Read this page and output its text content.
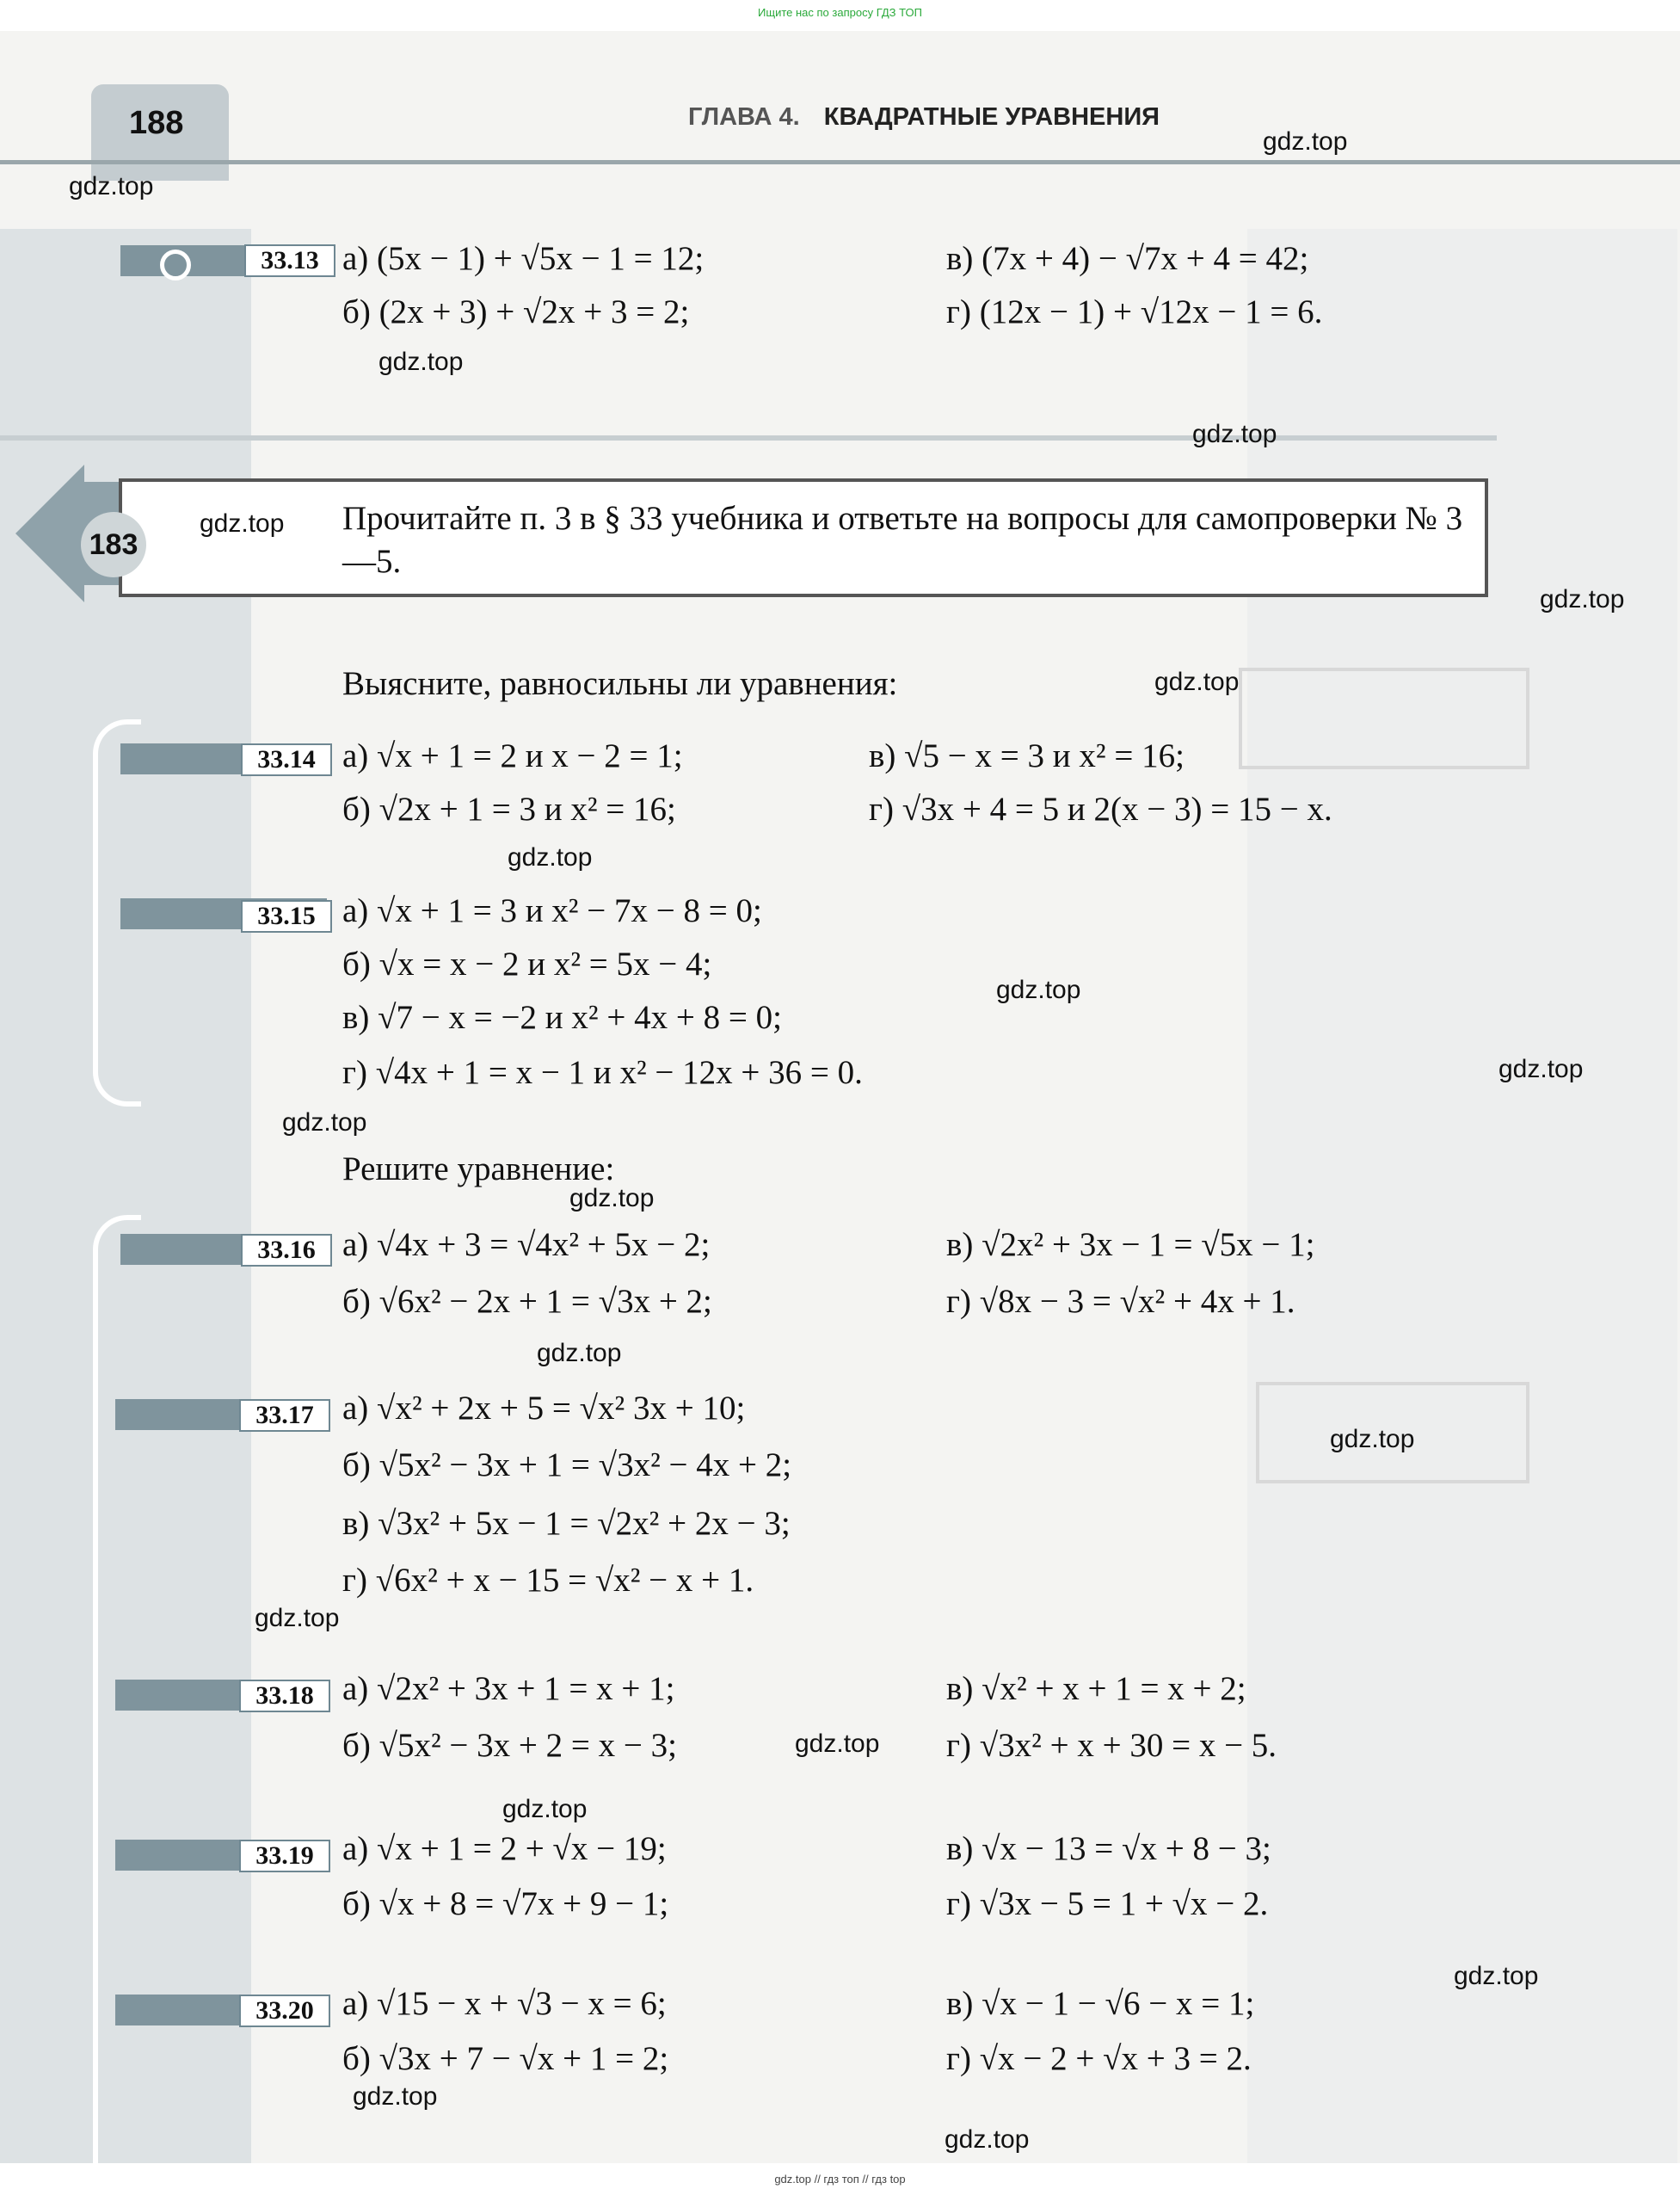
Ищите нас по запросу ГДЗ ТОП
188	ГЛАВА 4. КВАДРАТНЫЕ УРАВНЕНИЯ
33.13 а) (5x − 1) + √5x − 1 = 12;
б) (2x + 3) + √2x + 3 = 2;
в) (7x + 4) − √7x + 4 = 42;
г) (12x − 1) + √12x − 1 = 6.
183
Прочитайте п. 3 в § 33 учебника и ответьте на вопросы для самопроверки № 3—5.
Выясните, равносильны ли уравнения:
33.14 а) √x + 1 = 2 и x − 2 = 1;
б) √2x + 1 = 3 и x² = 16;
в) √5 − x = 3 и x² = 16;
г) √3x + 4 = 5 и 2(x − 3) = 15 − x.
33.15 а) √x + 1 = 3 и x² − 7x − 8 = 0;
б) √x = x − 2 и x² = 5x − 4;
в) √7 − x = −2 и x² + 4x + 8 = 0;
г) √4x + 1 = x − 1 и x² − 12x + 36 = 0.
Решите уравнение:
33.16 а) √4x + 3 = √4x² + 5x − 2;
б) √6x² − 2x + 1 = √3x + 2;
в) √2x² + 3x − 1 = √5x − 1;
г) √8x − 3 = √x² + 4x + 1.
33.17 а) √x² + 2x + 5 = √x² 3x + 10;
б) √5x² − 3x + 1 = √3x² − 4x + 2;
в) √3x² + 5x − 1 = √2x² + 2x − 3;
г) √6x² + x − 15 = √x² − x + 1.
33.18 а) √2x² + 3x + 1 = x + 1;
б) √5x² − 3x + 2 = x − 3;
в) √x² + x + 1 = x + 2;
г) √3x² + x + 30 = x − 5.
33.19 а) √x + 1 = 2 + √x − 19;
б) √x + 8 = √7x + 9 − 1;
в) √x − 13 = √x + 8 − 3;
г) √3x − 5 = 1 + √x − 2.
33.20 а) √15 − x + √3 − x = 6;
б) √3x + 7 − √x + 1 = 2;
в) √x − 1 − √6 − x = 1;
г) √x − 2 + √x + 3 = 2.
gdz.top
gdz.top
gdz.top
gdz.top
gdz.top
gdz.top
gdz.top
gdz.top
gdz.top
gdz.top
gdz.top
gdz.top
gdz.top
gdz.top
gdz.top
gdz.top
gdz.top
gdz.top
gdz.top
gdz.top
gdz.top // гдз топ // гдз top
